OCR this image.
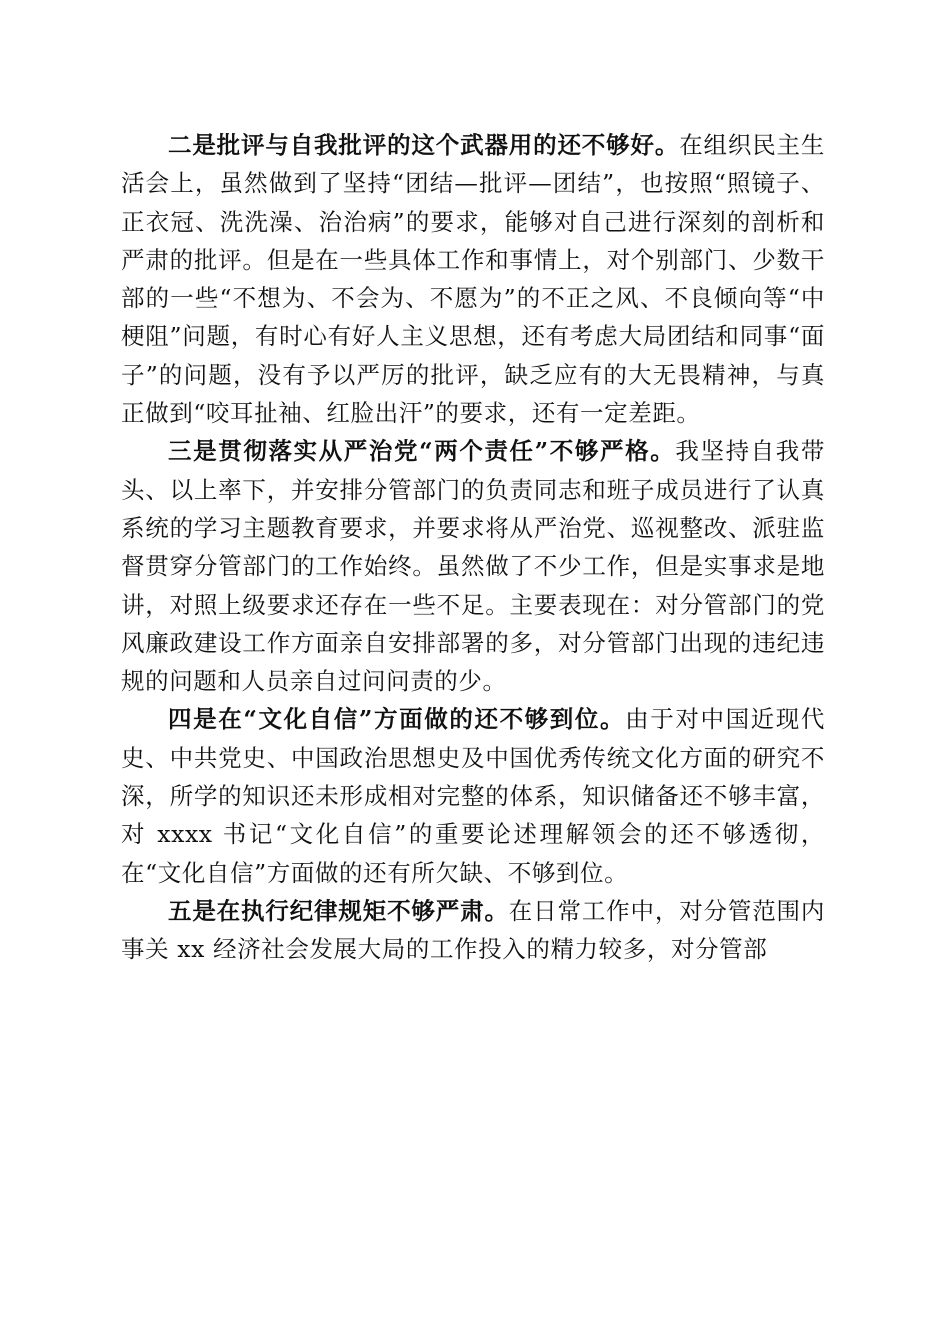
二是批评与自我批评的这个武器用的还不够好。在组织民主生活会上，虽然做到了坚持“团结—批评—团结”，也按照“照镜子、正衣冠、洗洗澡、治治病”的要求，能够对自己进行深刻的剖析和严肃的批评。但是在一些具体工作和事情上，对个别部门、少数干部的一些“不想为、不会为、不愿为”的不正之风、不良倾向等“中梗阻”问题，有时心有好人主义思想，还有考虑大局团结和同事“面子”的问题，没有予以严厉的批评，缺乏应有的大无畏精神，与真正做到“咬耳扯袖、红脸出汗”的要求，还有一定差距。

三是贯彻落实从严治党“两个责任”不够严格。我坚持自我带头、以上率下，并安排分管部门的负责同志和班子成员进行了认真系统的学习主题教育要求，并要求将从严治党、巡视整改、派驻监督贯穿分管部门的工作始终。虽然做了不少工作，但是实事求是地讲，对照上级要求还存在一些不足。主要表现在：对分管部门的党风廉政建设工作方面亲自安排部署的多，对分管部门出现的违纪违规的问题和人员亲自过问问责的少。

四是在“文化自信”方面做的还不够到位。由于对中国近现代史、中共党史、中国政治思想史及中国优秀传统文化方面的研究不深，所学的知识还未形成相对完整的体系，知识储备还不够丰富，对 xxxx 书记“文化自信”的重要论述理解领会的还不够透彻，在“文化自信”方面做的还有所欠缺、不够到位。

五是在执行纪律规矩不够严肃。在日常工作中，对分管范围内事关 xx 经济社会发展大局的工作投入的精力较多，对分管部
